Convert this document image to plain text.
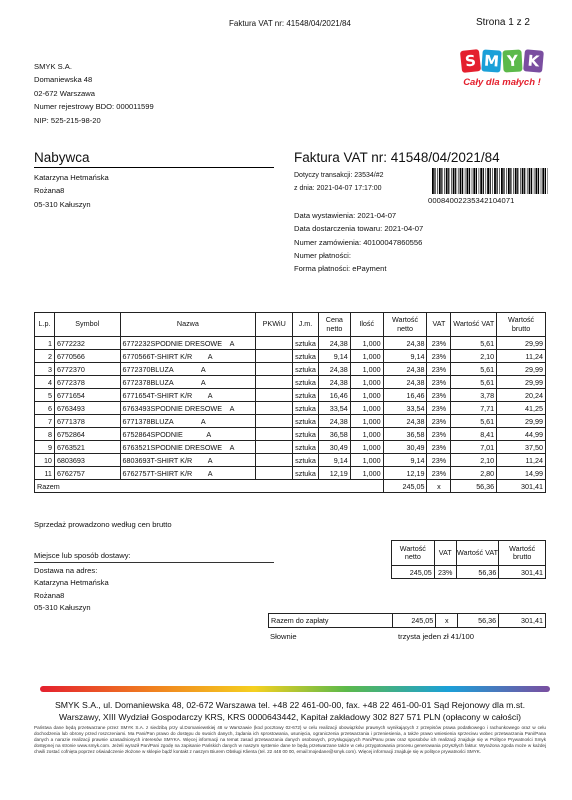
Faktura VAT nr: 41548/04/2021/84	Strona 1 z 2
SMYK S.A.
Domaniewska 48
02-672 Warszawa
Numer rejestrowy BDO: 000011599
NIP: 525-215-98-20
S M Y K
Cały dla małych !
Nabywca
Katarzyna Hetmańska
Rożana8
05-310 Kałuszyn
Faktura VAT nr: 41548/04/2021/84
Dotyczy transakcji: 23534/#2
z dnia: 2021-04-07 17:17:00
00084002235342104071
Data wystawienia: 2021-04-07
Data dostarczenia towaru: 2021-04-07
Numer zamówienia: 40100047860556
Numer płatności:
Forma płatności: ePayment
L.p.	Symbol	Nazwa	PKWiU	J.m.	Cena netto	Ilość	Wartość netto	VAT	Wartość VAT	Wartość brutto
1	6772232	6772232SPODNIE DRESOWE    A		sztuka	24,38	1,000	24,38	23%	5,61	29,99
2	6770566	6770566T-SHIRT K/R        A		sztuka	9,14	1,000	9,14	23%	2,10	11,24
3	6772370	6772370BLUZA              A		sztuka	24,38	1,000	24,38	23%	5,61	29,99
4	6772378	6772378BLUZA              A		sztuka	24,38	1,000	24,38	23%	5,61	29,99
5	6771654	6771654T-SHIRT K/R        A		sztuka	16,46	1,000	16,46	23%	3,78	20,24
6	6763493	6763493SPODNIE DRESOWE    A		sztuka	33,54	1,000	33,54	23%	7,71	41,25
7	6771378	6771378BLUZA              A		sztuka	24,38	1,000	24,38	23%	5,61	29,99
8	6752864	6752864SPODNIE            A		sztuka	36,58	1,000	36,58	23%	8,41	44,99
9	6763521	6763521SPODNIE DRESOWE    A		sztuka	30,49	1,000	30,49	23%	7,01	37,50
10	6803693	6803693T-SHIRT K/R        A		sztuka	9,14	1,000	9,14	23%	2,10	11,24
11	6762757	6762757T-SHIRT K/R        A		sztuka	12,19	1,000	12,19	23%	2,80	14,99
Razem							245,05	x	56,36	301,41
Sprzedaż prowadzono według cen brutto
Wartość netto	VAT	Wartość VAT	Wartość brutto
245,05	23%	56,36	301,41
Miejsce lub sposób dostawy:
Dostawa na adres:
Katarzyna Hetmańska
Rożana8
05-310 Kałuszyn
Razem do zapłaty	245,05	x	56,36	301,41
Słownie	trzysta jeden zł 41/100
SMYK S.A., ul. Domaniewska 48, 02-672 Warszawa tel. +48 22 461-00-00, fax. +48 22 461-00-01 Sąd Rejonowy dla m.st.
Warszawy, XIII Wydział Gospodarczy KRS, KRS 0000643442, Kapitał zakładowy 302 827 571 PLN (opłacony w całości)
Państwa dane będą przetwarzane przez SMYK S.A. z siedzibą przy ul.Domaniewskiej 48 w Warszawie (kod pocztowy 02-672) w celu realizacji obowiązków prawnych wynikających z przepisów prawa podatkowego i rachunkowego oraz w celu dochodzenia lub obrony przed roszczeniami. Ma Pani/Pan prawo do dostępu do swoich danych, żądania ich sprostowania, usunięcia, ograniczenia przetwarzania i przeniesienia, a także prawo wniesienia sprzeciwu wobec przetwarzania Pani/Pana danych a narazie realizacji prawnie uzasadnionych interesów SMYKA. Więcej informacji na temat zasad przetwarzania danych osobowych, przysługujących Pani/Panu praw oraz sposobów ich realizacji znajduje się w Polityce Prywatności Smyk dostępnej na stronie www.smyk.com. Jeżeli wyraził Pan/Pani zgodę na zapisanie Pańskich danych w naszym systemie dane te będą przetwarzane także w celu przygotowania procesu generowania przyszłych faktur. Wyrażona zgoda może w każdej chwili zostać cofnięta poprzez oświadczenie złożone w sklepie bądź kontakt z naszym Biurem Obsługi Klienta (tel. 22 448 00 00, email:mojedane@smyk.com). Więcej informacji znajduje się w polityce prywatności SMYK.
